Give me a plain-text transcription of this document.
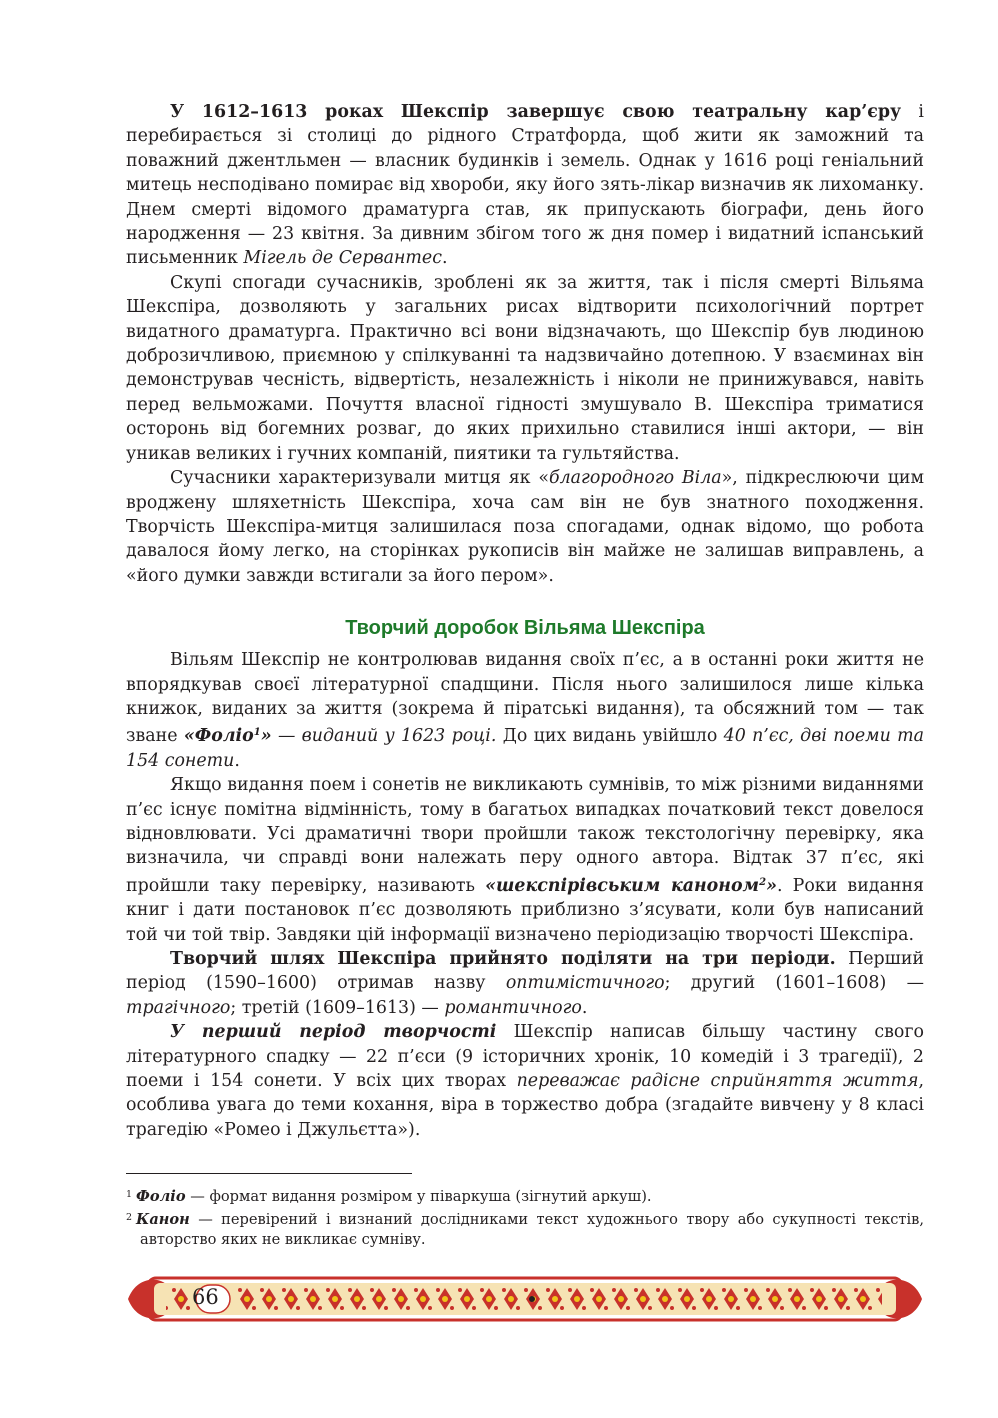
У 1612–1613 роках Шекспір завершує свою театральну кар’єру і перебирається зі столиці до рідного Стратфорда, щоб жити як заможний та поважний джентльмен — власник будинків і земель. Однак у 1616 році геніальний митець несподівано помирає від хвороби, яку його зять-лікар визначив як лихоманку. Днем смерті відомого драматурга став, як припускають біографи, день його народження — 23 квітня. За дивним збігом того ж дня помер і видатний іспанський письменник Мігель де Сервантес.

Скупі спогади сучасників, зроблені як за життя, так і після смерті Вільяма Шекспіра, дозволяють у загальних рисах відтворити психологічний портрет видатного драматурга. Практично всі вони відзначають, що Шекспір був людиною доброзичливою, приємною у спілкуванні та надзвичайно дотепною. У взаєминах він демонстрував чесність, відвертість, незалежність і ніколи не принижувався, навіть перед вельможами. Почуття власної гідності змушувало В. Шекспіра триматися осторонь від богемних розваг, до яких прихильно ставилися інші актори, — він уникав великих і гучних компаній, пиятики та гультяйства.

Сучасники характеризували митця як «благородного Віла», підкреслюючи цим вроджену шляхетність Шекспіра, хоча сам він не був знатного походження. Творчість Шекспіра-митця залишилася поза спогадами, однак відомо, що робота давалося йому легко, на сторінках рукописів він майже не залишав виправлень, а «його думки завжди встигали за його пером».

Творчий доробок Вільяма Шекспіра

Вільям Шекспір не контролював видання своїх п’єс, а в останні роки життя не впорядкував своєї літературної спадщини. Після нього залишилося лише кілька книжок, виданих за життя (зокрема й піратські видання), та обсяжний том — так зване «Фоліо$^1$» — виданий у 1623 році. До цих видань увійшло 40 п’єс, дві поеми та 154 сонети.

Якщо видання поем і сонетів не викликають сумнівів, то між різними виданнями п’єс існує помітна відмінність, тому в багатьох випадках початковий текст довелося відновлювати. Усі драматичні твори пройшли також текстологічну перевірку, яка визначила, чи справді вони належать перу одного автора. Відтак 37 п’єс, які пройшли таку перевірку, називають «шекспірівським каноном$^2$». Роки видання книг і дати постановок п’єс дозволяють приблизно з’ясувати, коли був написаний той чи той твір. Завдяки цій інформації визначено періодизацію творчості Шекспіра.

Творчий шлях Шекспіра прийнято поділяти на три періоди. Перший період (1590–1600) отримав назву оптимістичного; другий (1601–1608) — трагічного; третій (1609–1613) — романтичного.

У перший період творчості Шекспір написав більшу частину свого літературного спадку — 22 п’єси (9 історичних хронік, 10 комедій і 3 трагедії), 2 поеми і 154 сонети. У всіх цих творах переважає радісне сприйняття життя, особлива увага до теми кохання, віра в торжество добра (згадайте вивчену у 8 класі трагедію «Ромео і Джульєтта»).

$^1$ Фоліо — формат видання розміром у піваркуша (зігнутий аркуш).

$^2$ Канон — перевірений і визнаний дослідниками текст художнього твору або сукупності текстів, авторство яких не викликає сумніву.

66
